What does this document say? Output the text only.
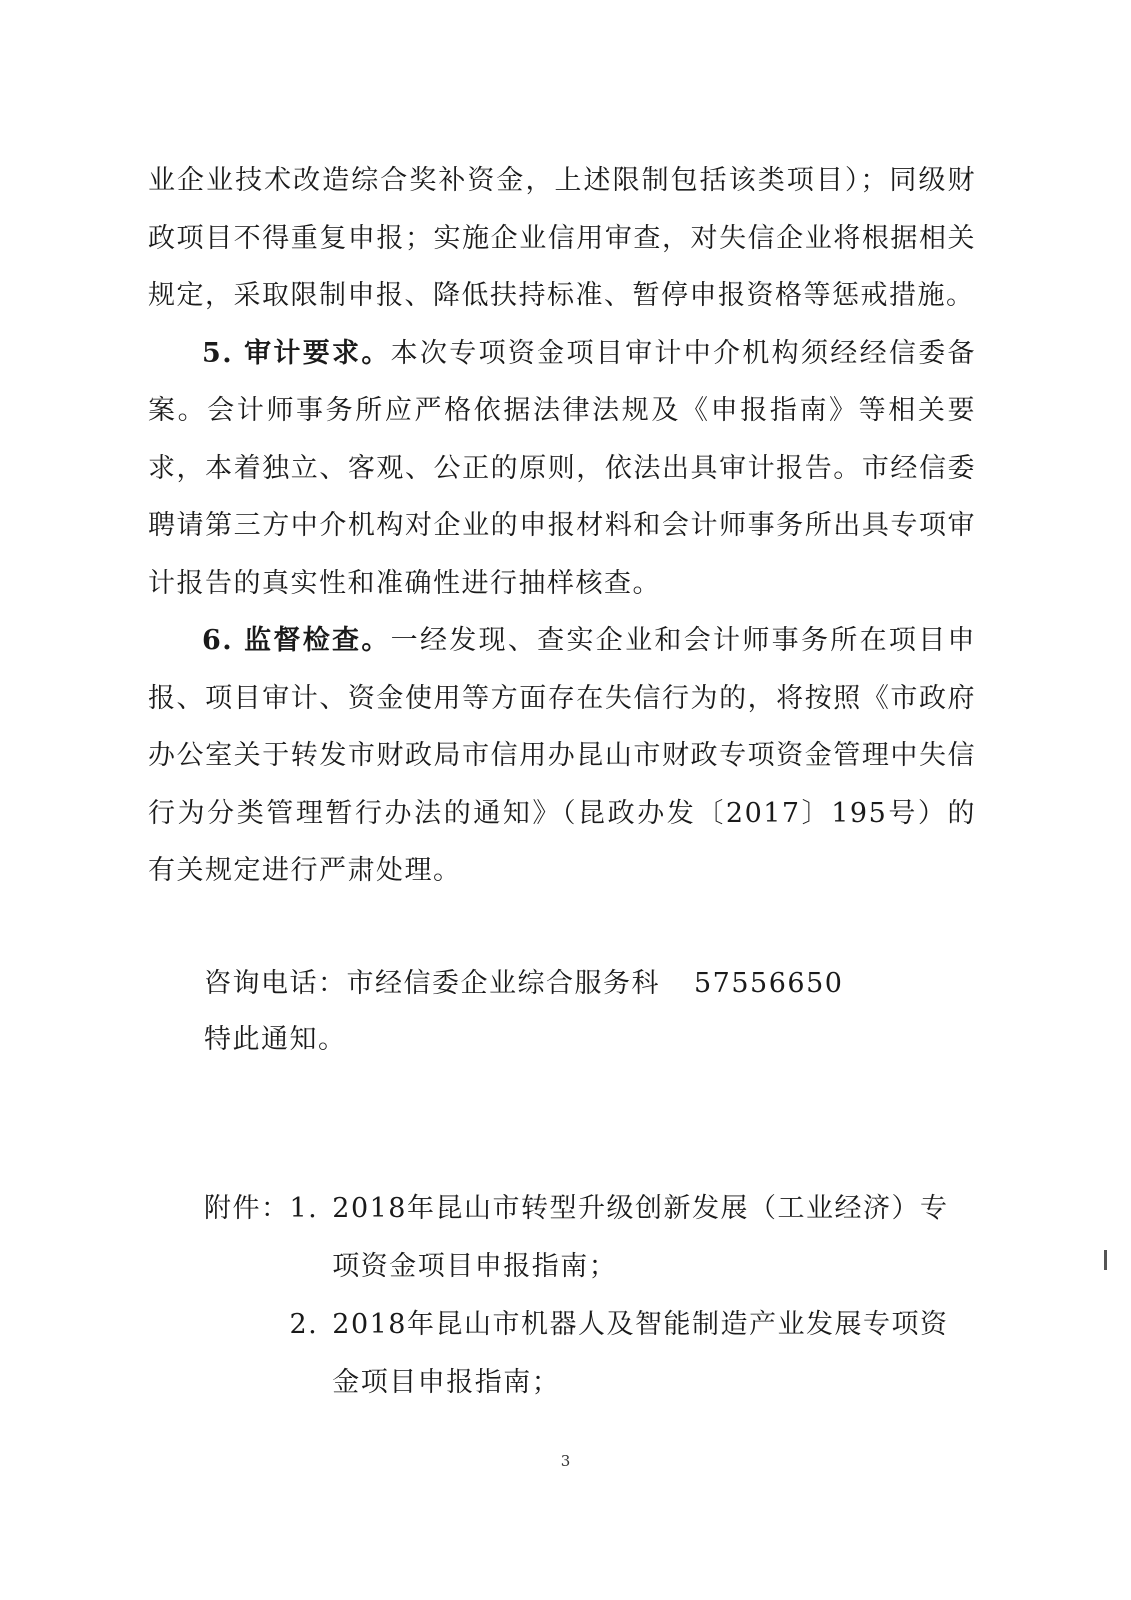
业企业技术改造综合奖补资金，上述限制包括该类项目）；同级财政项目不得重复申报；实施企业信用审查，对失信企业将根据相关规定，采取限制申报、降低扶持标准、暂停申报资格等惩戒措施。

5. 审计要求。本次专项资金项目审计中介机构须经经信委备案。会计师事务所应严格依据法律法规及《申报指南》等相关要求，本着独立、客观、公正的原则，依法出具审计报告。市经信委聘请第三方中介机构对企业的申报材料和会计师事务所出具专项审计报告的真实性和准确性进行抽样核查。

6. 监督检查。一经发现、查实企业和会计师事务所在项目申报、项目审计、资金使用等方面存在失信行为的，将按照《市政府办公室关于转发市财政局市信用办昆山市财政专项资金管理中失信行为分类管理暂行办法的通知》（昆政办发〔2017〕195号）的有关规定进行严肃处理。

咨询电话：市经信委企业综合服务科 57556650
特此通知。
附件： 1. 2018年昆山市转型升级创新发展（工业经济）专项资金项目申报指南；
2. 2018年昆山市机器人及智能制造产业发展专项资金项目申报指南；
3
